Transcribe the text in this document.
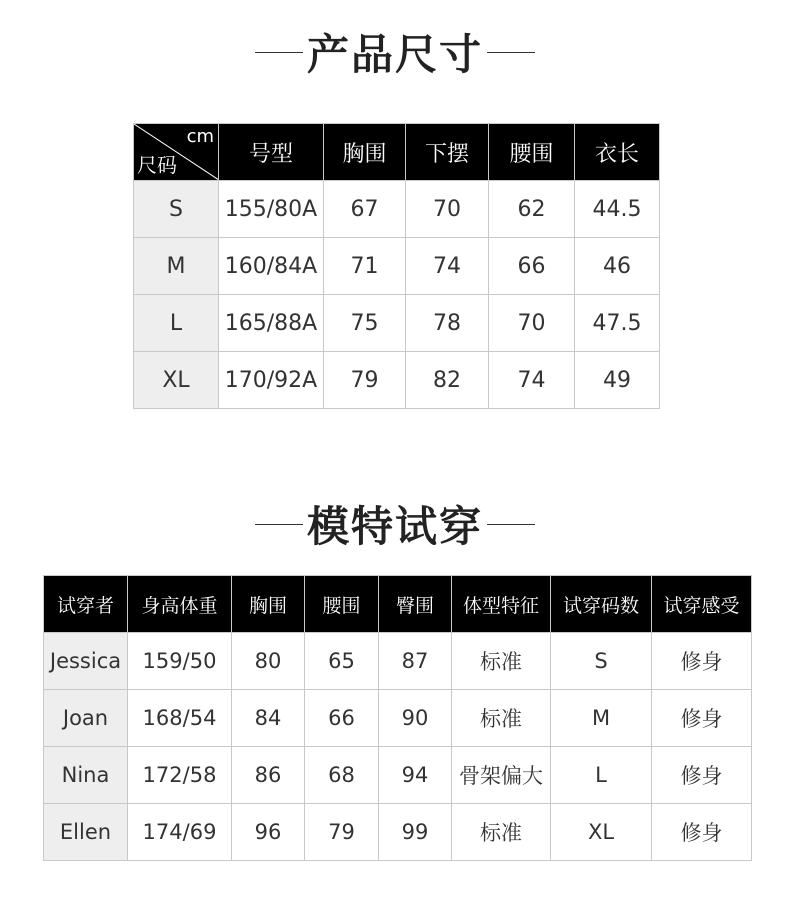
产品尺寸
cm
尺码	号型	胸围	下摆	腰围	衣长
S	155/80A	67	70	62	44.5
M	160/84A	71	74	66	46
L	165/88A	75	78	70	47.5
XL	170/92A	79	82	74	49
模特试穿
试穿者	身高体重	胸围	腰围	臀围	体型特征	试穿码数	试穿感受
Jessica	159/50	80	65	87	标准	S	修身
Joan	168/54	84	66	90	标准	M	修身
Nina	172/58	86	68	94	骨架偏大	L	修身
Ellen	174/69	96	79	99	标准	XL	修身
